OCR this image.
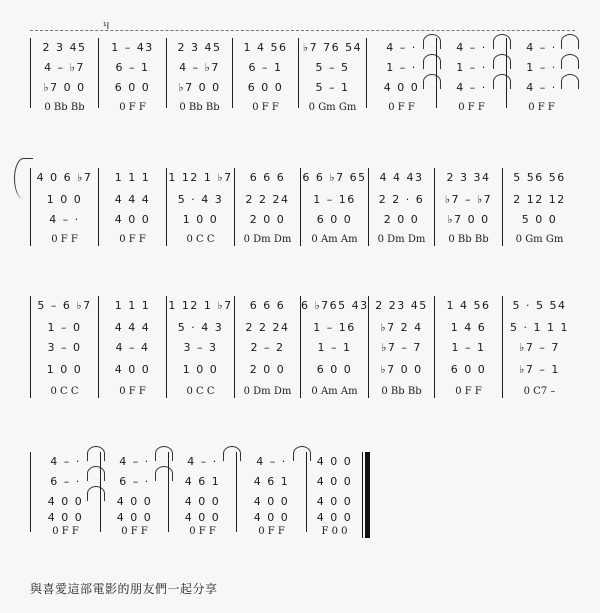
¹l
2 3 45
4 – ♭7
♭7 0 0
0 Bb Bb
1 – 43
6 – 1
6 0 0
0 F F
2 3 45
4 – ♭7
♭7 0 0
0 Bb Bb
1 4 56
6 – 1
6 0 0
0 F F
♭7 76 54
5 – 5
5 – 1
0 Gm Gm
4 – ·
1 – ·
4 0 0
0 F F
4 – ·
1 – ·
4 – ·
0 F F
4 – ·
1 – ·
4 – ·
0 F F
4 0 6 ♭7
1 0 0
4 – ·
0 F F
1 1 1
4 4 4
4 0 0
0 F F
1 12 1 ♭7
5 · 4 3
1 0 0
0 C C
6 6 6
2 2 24
2 0 0
0 Dm Dm
6 6 ♭7 65
1 – 16
6 0 0
0 Am Am
4 4 43
2 2 · 6
2 0 0
0 Dm Dm
2 3 34
♭7 – ♭7
♭7 0 0
0 Bb Bb
5 56 56
2 12 12
5 0 0
0 Gm Gm
5 – 6 ♭7
1 – 0
3 – 0
1 0 0
0 C C
1 1 1
4 4 4
4 – 4
4 0 0
0 F F
1 12 1 ♭7
5 · 4 3
3 – 3
1 0 0
0 C C
6 6 6
2 2 24
2 – 2
2 0 0
0 Dm Dm
6 ♭765 43
1 – 16
1 – 1
6 0 0
0 Am Am
2 23 45
♭7 2 4
♭7 – 7
♭7 0 0
0 Bb Bb
1 4 56
1 4 6
1 – 1
6 0 0
0 F F
5 · 5 54
5 · 1 1 1
♭7 – 7
♭7 – 1
0 C7 –
4 – ·
6 – ·
4 0 0
4 0 0
0 F F
4 – ·
6 – ·
4 0 0
4 0 0
0 F F
4 – ·
4 6 1
4 0 0
4 0 0
0 F F
4 – ·
4 6 1
4 0 0
4 0 0
0 F F
4 0 0
4 0 0
4 0 0
4 0 0
F 0 0
與喜愛這部電影的朋友們一起分享
